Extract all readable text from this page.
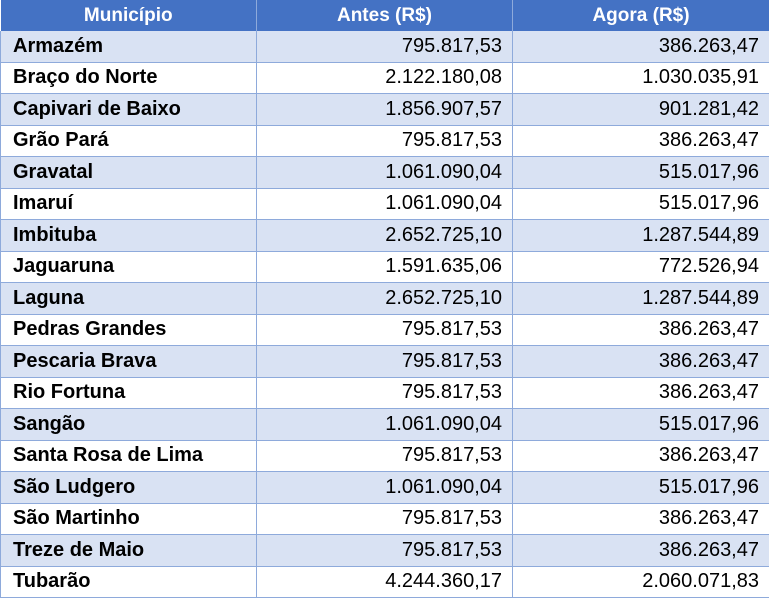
Município	Antes (R$)	Agora (R$)
Armazém	795.817,53	386.263,47
Braço do Norte	2.122.180,08	1.030.035,91
Capivari de Baixo	1.856.907,57	901.281,42
Grão Pará	795.817,53	386.263,47
Gravatal	1.061.090,04	515.017,96
Imaruí	1.061.090,04	515.017,96
Imbituba	2.652.725,10	1.287.544,89
Jaguaruna	1.591.635,06	772.526,94
Laguna	2.652.725,10	1.287.544,89
Pedras Grandes	795.817,53	386.263,47
Pescaria Brava	795.817,53	386.263,47
Rio Fortuna	795.817,53	386.263,47
Sangão	1.061.090,04	515.017,96
Santa Rosa de Lima	795.817,53	386.263,47
São Ludgero	1.061.090,04	515.017,96
São Martinho	795.817,53	386.263,47
Treze de Maio	795.817,53	386.263,47
Tubarão	4.244.360,17	2.060.071,83
